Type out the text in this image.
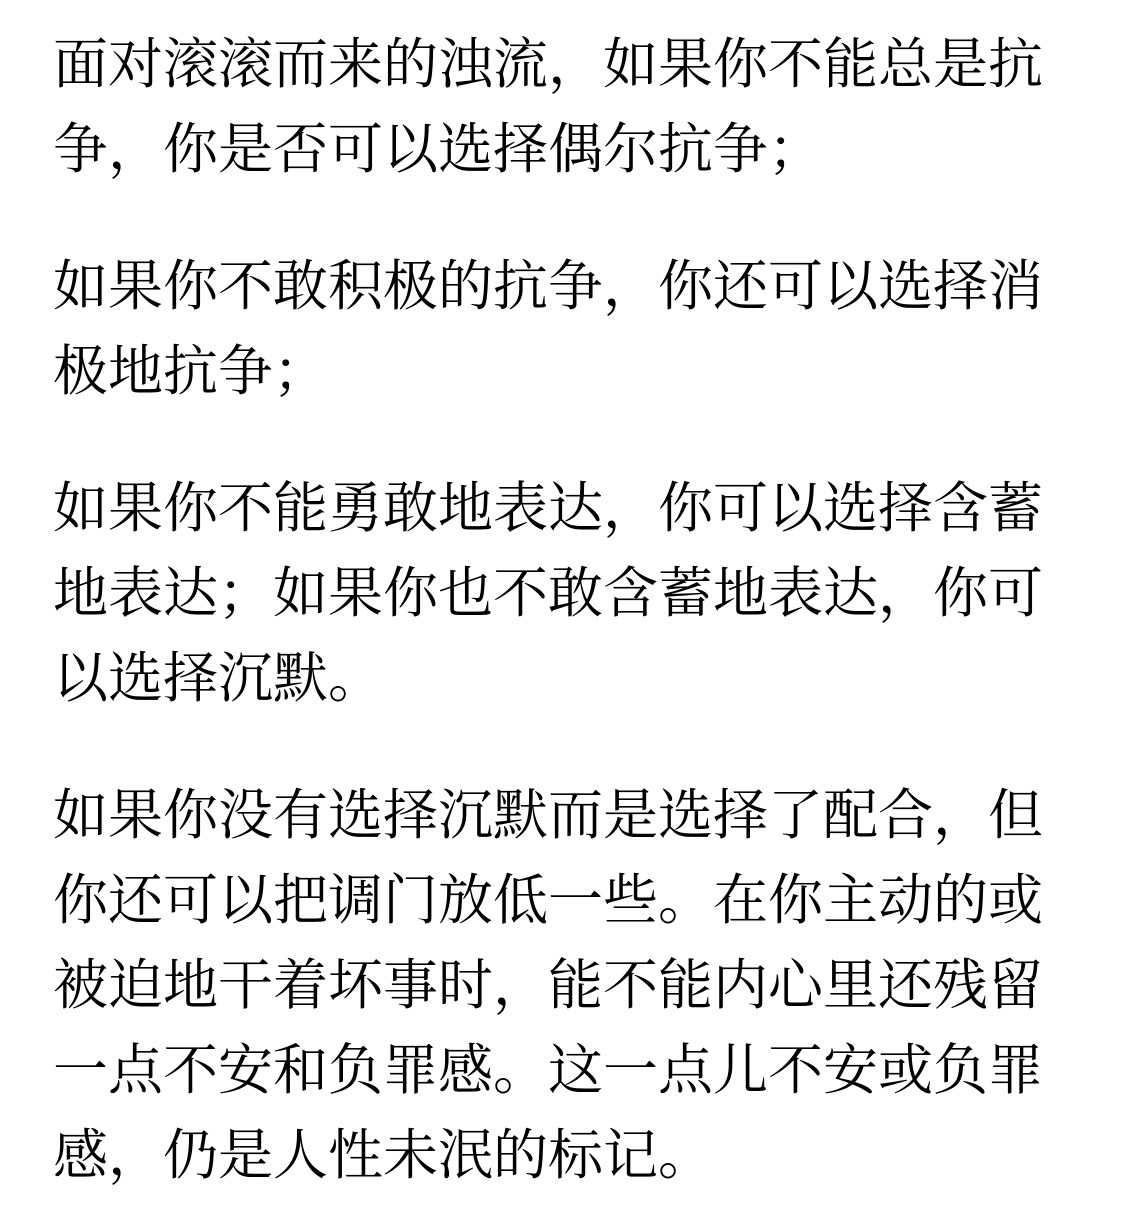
面对滚滚而来的浊流，如果你不能总是抗
争，你是否可以选择偶尔抗争；
如果你不敢积极的抗争，你还可以选择消
极地抗争；
如果你不能勇敢地表达，你可以选择含蓄
地表达；如果你也不敢含蓄地表达，你可
以选择沉默。
如果你没有选择沉默而是选择了配合，但
你还可以把调门放低一些。在你主动的或
被迫地干着坏事时，能不能内心里还残留
一点不安和负罪感。这一点儿不安或负罪
感，仍是人性未泯的标记。
